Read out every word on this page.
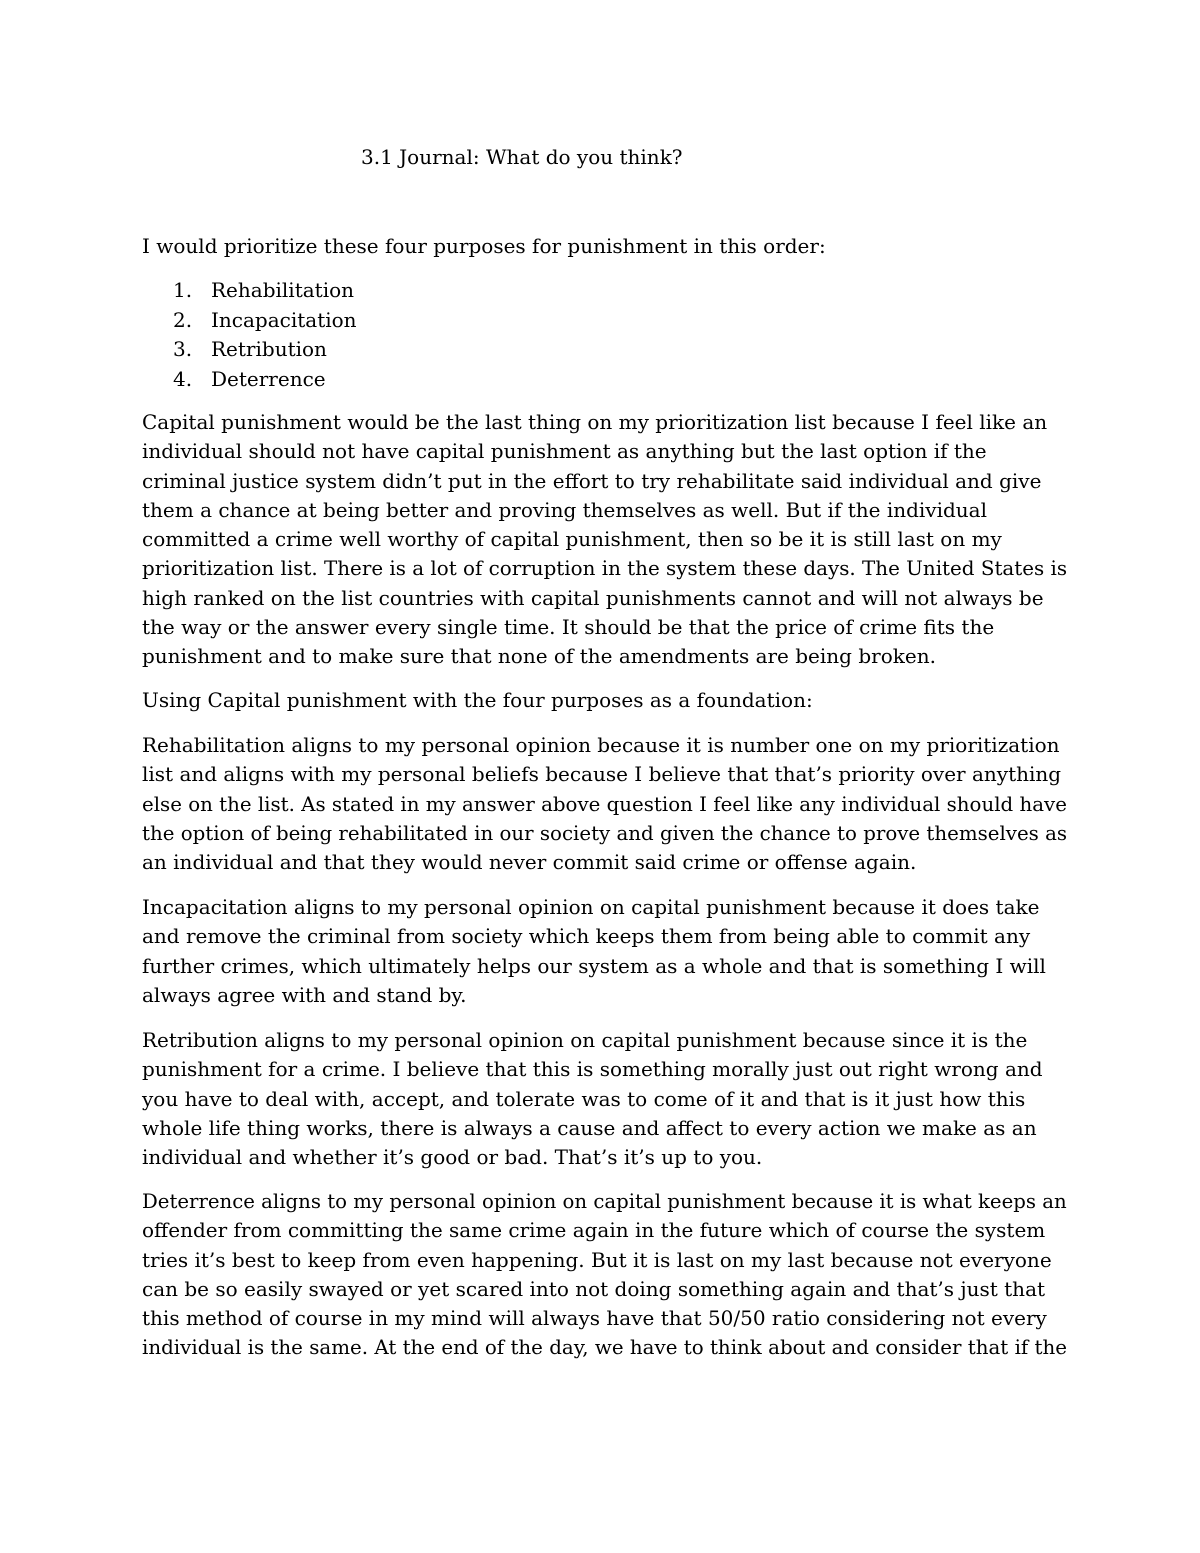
3.1 Journal: What do you think?

I would prioritize these four purposes for punishment in this order:

1. Rehabilitation
2. Incapacitation
3. Retribution
4. Deterrence

Capital punishment would be the last thing on my prioritization list because I feel like an
individual should not have capital punishment as anything but the last option if the
criminal justice system didn’t put in the effort to try rehabilitate said individual and give
them a chance at being better and proving themselves as well. But if the individual
committed a crime well worthy of capital punishment, then so be it is still last on my
prioritization list. There is a lot of corruption in the system these days. The United States is
high ranked on the list countries with capital punishments cannot and will not always be
the way or the answer every single time. It should be that the price of crime fits the
punishment and to make sure that none of the amendments are being broken.

Using Capital punishment with the four purposes as a foundation:

Rehabilitation aligns to my personal opinion because it is number one on my prioritization
list and aligns with my personal beliefs because I believe that that’s priority over anything
else on the list. As stated in my answer above question I feel like any individual should have
the option of being rehabilitated in our society and given the chance to prove themselves as
an individual and that they would never commit said crime or offense again.

Incapacitation aligns to my personal opinion on capital punishment because it does take
and remove the criminal from society which keeps them from being able to commit any
further crimes, which ultimately helps our system as a whole and that is something I will
always agree with and stand by.

Retribution aligns to my personal opinion on capital punishment because since it is the
punishment for a crime. I believe that this is something morally just out right wrong and
you have to deal with, accept, and tolerate was to come of it and that is it just how this
whole life thing works, there is always a cause and affect to every action we make as an
individual and whether it’s good or bad. That’s it’s up to you.

Deterrence aligns to my personal opinion on capital punishment because it is what keeps an
offender from committing the same crime again in the future which of course the system
tries it’s best to keep from even happening. But it is last on my last because not everyone
can be so easily swayed or yet scared into not doing something again and that’s just that
this method of course in my mind will always have that 50/50 ratio considering not every
individual is the same. At the end of the day, we have to think about and consider that if the
